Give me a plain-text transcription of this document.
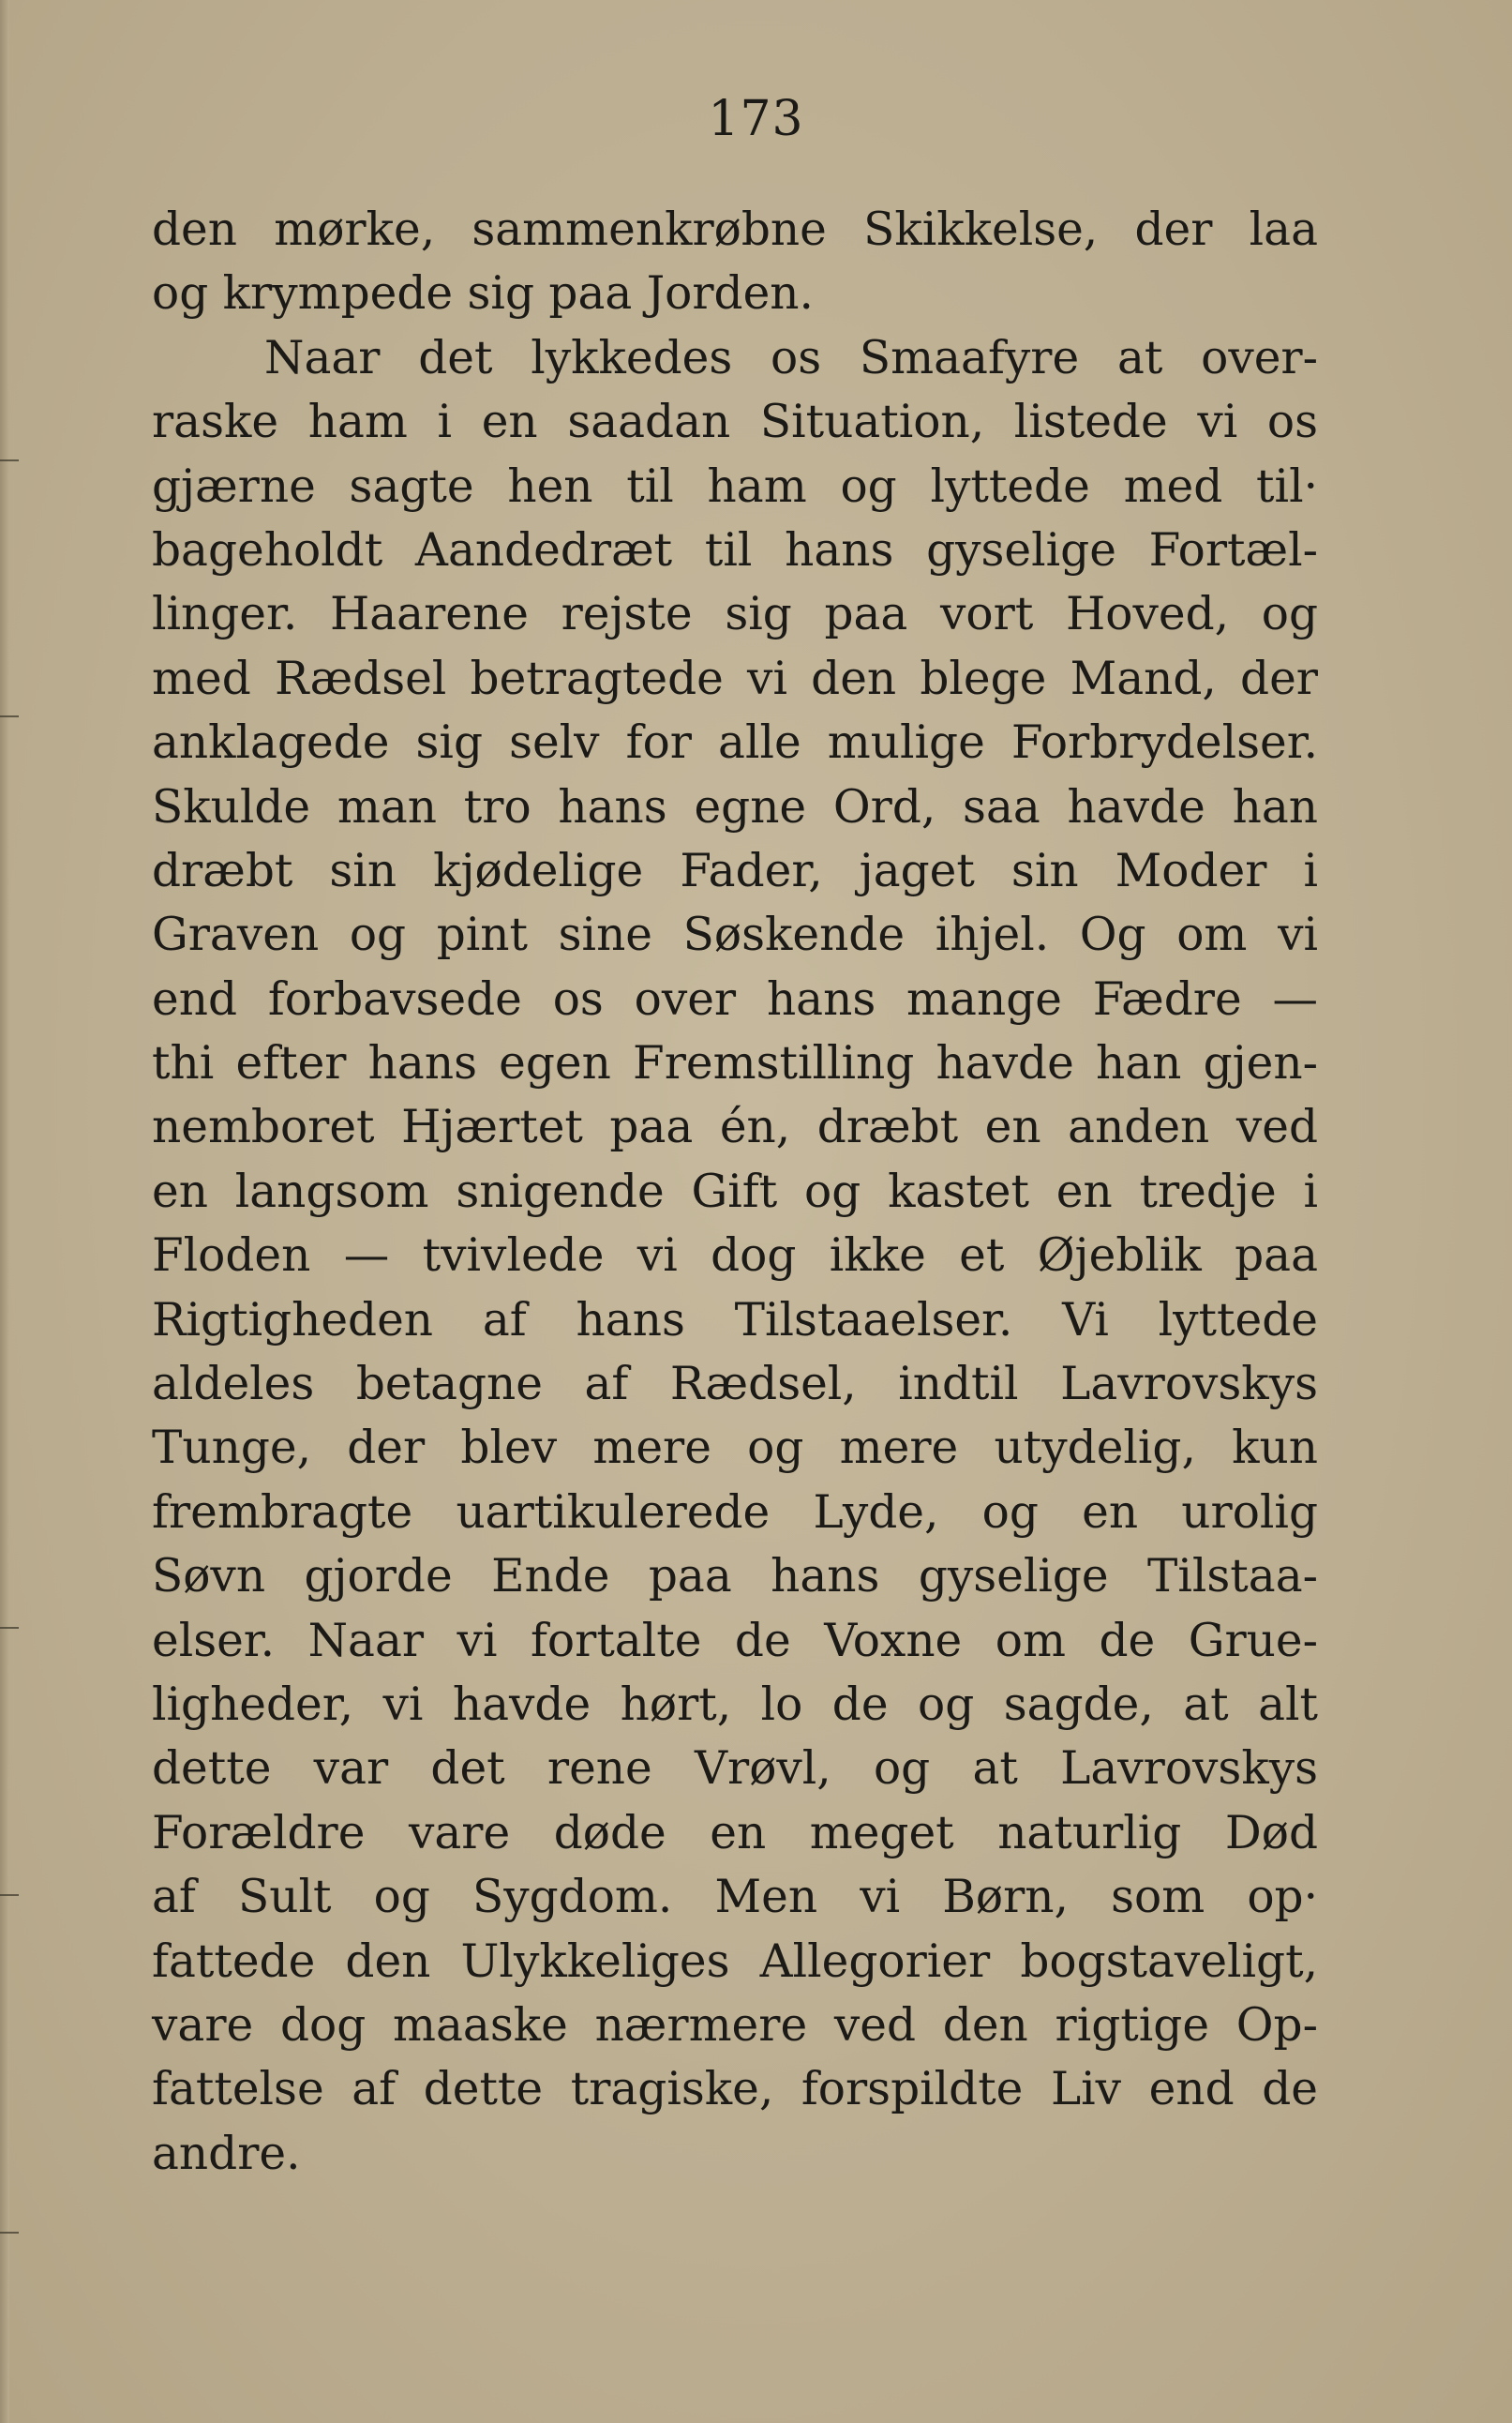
173
den mørke, sammenkrøbne Skikkelse, der laa
og krympede sig paa Jorden.
Naar det lykkedes os Smaafyre at over-
raske ham i en saadan Situation, listede vi os
gjærne sagte hen til ham og lyttede med til·
bageholdt Aandedræt til hans gyselige Fortæl-
linger. Haarene rejste sig paa vort Hoved, og
med Rædsel betragtede vi den blege Mand, der
anklagede sig selv for alle mulige Forbrydelser.
Skulde man tro hans egne Ord, saa havde han
dræbt sin kjødelige Fader, jaget sin Moder i
Graven og pint sine Søskende ihjel. Og om vi
end forbavsede os over hans mange Fædre —
thi efter hans egen Fremstilling havde han gjen-
nemboret Hjærtet paa én, dræbt en anden ved
en langsom snigende Gift og kastet en tredje i
Floden — tvivlede vi dog ikke et Øjeblik paa
Rigtigheden af hans Tilstaaelser. Vi lyttede
aldeles betagne af Rædsel, indtil Lavrovskys
Tunge, der blev mere og mere utydelig, kun
frembragte uartikulerede Lyde, og en urolig
Søvn gjorde Ende paa hans gyselige Tilstaa-
elser. Naar vi fortalte de Voxne om de Grue-
ligheder, vi havde hørt, lo de og sagde, at alt
dette var det rene Vrøvl, og at Lavrovskys
Forældre vare døde en meget naturlig Død
af Sult og Sygdom. Men vi Børn, som op·
fattede den Ulykkeliges Allegorier bogstaveligt,
vare dog maaske nærmere ved den rigtige Op-
fattelse af dette tragiske, forspildte Liv end de
andre.
